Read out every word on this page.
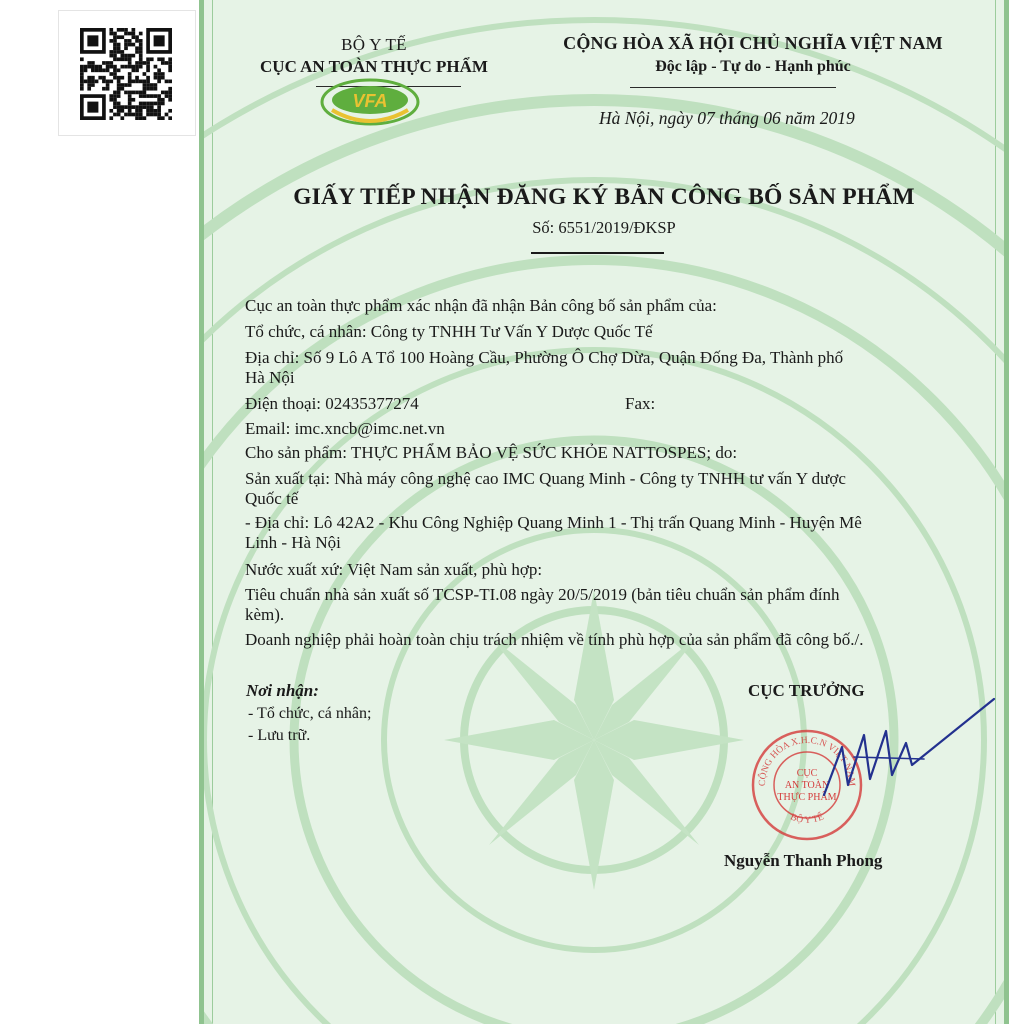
BỘ Y TẾ
CỤC AN TOÀN THỰC PHẨM
VFA
CỘNG HÒA XÃ HỘI CHỦ NGHĨA VIỆT NAM
Độc lập - Tự do - Hạnh phúc
Hà Nội, ngày 07 tháng 06 năm 2019
GIẤY TIẾP NHẬN ĐĂNG KÝ BẢN CÔNG BỐ SẢN PHẨM
Số: 6551/2019/ĐKSP
Cục an toàn thực phẩm xác nhận đã nhận Bản công bố sản phẩm của:
Tổ chức, cá nhân: Công ty TNHH Tư Vấn Y Dược Quốc Tế
Địa chỉ: Số 9 Lô A Tổ 100 Hoàng Cầu, Phường Ô Chợ Dừa, Quận Đống Đa, Thành phố
Hà Nội
Điện thoại: 02435377274	Fax:
Email: imc.xncb@imc.net.vn
Cho sản phẩm: THỰC PHẨM BẢO VỆ SỨC KHỎE NATTOSPES; do:
Sản xuất tại: Nhà máy công nghệ cao IMC Quang Minh - Công ty TNHH tư vấn Y dược
Quốc tế
- Địa chỉ: Lô 42A2 - Khu Công Nghiệp Quang Minh 1 - Thị trấn Quang Minh - Huyện Mê
Linh - Hà Nội
Nước xuất xứ: Việt Nam sản xuất, phù hợp:
Tiêu chuẩn nhà sản xuất số TCSP-TI.08 ngày 20/5/2019 (bản tiêu chuẩn sản phẩm đính
kèm).
Doanh nghiệp phải hoàn toàn chịu trách nhiệm về tính phù hợp của sản phẩm đã công bố./.
Nơi nhận:
- Tổ chức, cá nhân;
- Lưu trữ.
CỤC TRƯỞNG
CỘNG HÒA X.H.C.N VIỆT NAM
BỘ Y TẾ
CỤC
AN TOÀN
THỰC PHẨM
Nguyễn Thanh Phong
